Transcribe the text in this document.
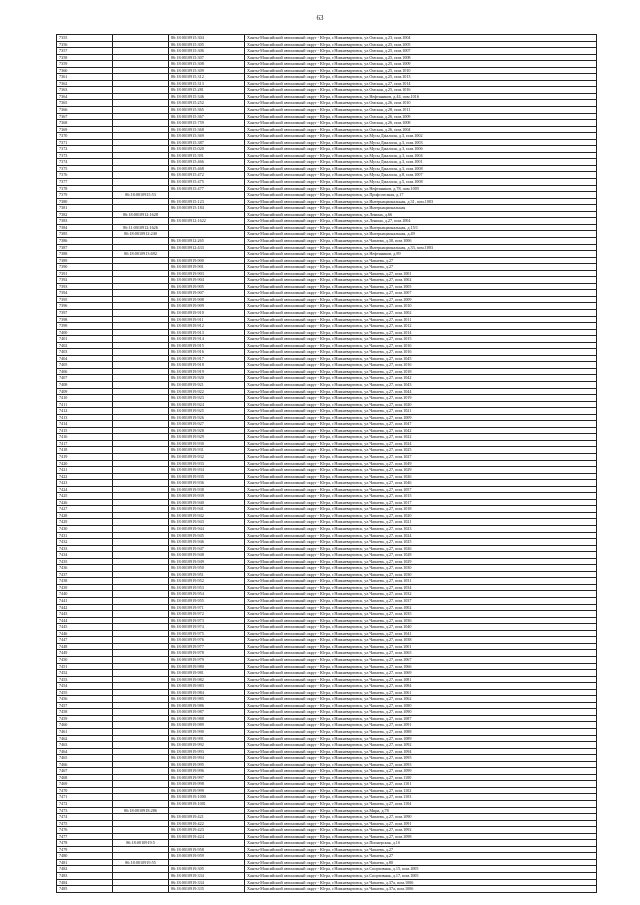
63
7355		86:18:0010915:304	Ханты-Мансийский автономный округ - Югра, г.Нижневартовск, ул.Омская, д.23, пом.1004
7356		86:18:0010915:305	Ханты-Мансийский автономный округ - Югра, г.Нижневартовск, ул.Омская, д.25, пом.1005
7357		86:18:0010915:306	Ханты-Мансийский автономный округ - Югра, г.Нижневартовск, ул.Омская, д.25, пом.1007
7358		86:18:0010915:307	Ханты-Мансийский автономный округ - Югра, г.Нижневартовск, ул.Омская, д.25, пом.1008
7359		86:18:0010915:308	Ханты-Мансийский автономный округ - Югра, г.Нижневартовск, ул.Омская, д.25, пом.1009
7360		86:18:0010915:309	Ханты-Мансийский автономный округ - Югра, г.Нижневартовск, ул.Омская, д.25, пом.1010
7361		86:18:0010915:312	Ханты-Мансийский автономный округ - Югра, г.Нижневартовск, ул.Омская, д.25, пом.1013
7362		86:18:0010915:313	Ханты-Мансийский автономный округ - Югра, г.Нижневартовск, ул.Омская, д.27, пом.1014
7363		86:18:0010915:281	Ханты-Мансийский автономный округ - Югра, г.Нижневартовск, ул.Омская, д.25, пом.1016
7364		86:18:0010915:346	Ханты-Мансийский автономный округ - Югра, г.Нижневартовск, ул.Нефтяников, д.44, пом.1016
7365		86:18:0010915:252	Ханты-Мансийский автономный округ - Югра, г.Нижневартовск, ул.Омская, д.26, пом.1010
7366		86:18:0010915:365	Ханты-Мансийский автономный округ - Югра, г.Нижневартовск, ул.Омская, д.28, пом.1011
7367		86:18:0010915:367	Ханты-Мансийский автономный округ - Югра, г.Нижневартовск, ул.Омская, д.26, пом.1009
7368		86:18:0010915:759	Ханты-Мансийский автономный округ - Югра, г.Нижневартовск, ул.Омская, д.26, пом.1008
7369		86:18:0010915:368	Ханты-Мансийский автономный округ - Югра, г.Нижневартовск, ул.Омская, д.26, пом.1004
7370		86:18:0010915:369	Ханты-Мансийский автономный округ - Югра, г.Нижневартовск, ул.Мусы Джалиля, д.3, пом.1002
7371		86:18:0010915:387	Ханты-Мансийский автономный округ - Югра, г.Нижневартовск, ул.Мусы Джалиля, д.3, пом.1003
7372		86:18:0010915:020	Ханты-Мансийский автономный округ - Югра, г.Нижневартовск, ул.Мусы Джалиля, д.3, пом.1006
7373		86:18:0010915:391	Ханты-Мансийский автономный округ - Югра, г.Нижневартовск, ул.Мусы Джалиля, д.3, пом.1004
7374		86:18:0010915:466	Ханты-Мансийский автономный округ - Югра, г.Нижневартовск, ул.Мусы Джалиля, д.3, пом.1001
7375		86:18:0010915:468	Ханты-Мансийский автономный округ - Югра, г.Нижневартовск, ул.Мусы Джалиля, д.3, пом.1008
7376		86:18:0010915:472	Ханты-Мансийский автономный округ - Югра, г.Нижневартовск, ул.Мусы Джалиля, д.8, пом.1007
7377		86:18:0010915:475	Ханты-Мансийский автономный округ - Югра, г.Нижневартовск, ул.Мусы Джалиля, д.5, пом.1008
7378		86:18:0010915:477	Ханты-Мансийский автономный округ - Югра, г.Нижневартовск, ул.Нефтяников, д.78, пом.1005
7379	86:18:0010915:53		Ханты-Мансийский автономный округ - Югра, г.Нижневартовск, ул.Профсоюзная, д.17
7380		86:18:0010915:123	Ханты-Мансийский автономный округ - Югра, г.Нижневартовск, ул.Интернациональная, д.31, пом.1003
7381		86:18:0010915:184	Ханты-Мансийский автономный округ - Югра, г.Нижневартовск, ул.Интернациональная
7382	86:18:0010912:1628		Ханты-Мансийский автономный округ - Югра, г.Нижневартовск, ул.Ленина, д.66
7383		86:18:0010912:1622	Ханты-Мансийский автономный округ - Югра, г.Нижневартовск, ул.Ленина, д.27, пом.1004
7384	86:11:0010912:1626		Ханты-Мансийский автономный округ - Югра, г.Нижневартовск, ул.Интернациональная, д.15/1
7385	86:18:0010912:240		Ханты-Мансийский автономный округ - Югра, г.Нижневартовск, ул.Интернациональная, д.49
7386		86:18:0010912:265	Ханты-Мансийский автономный округ - Югра, г.Нижневартовск, ул.Чапаева, д.30, пом.1006
7387		86:18:0010912:433	Ханты-Мансийский автономный округ - Югра, г.Нижневартовск, ул.Интернациональная, д.33, пом.1003
7388	86:18:0010913:692		Ханты-Мансийский автономный округ - Югра, г.Нижневартовск, ул.Нефтяников, д.89
7389		86:18:0010919:900	Ханты-Мансийский автономный округ - Югра, г.Нижневартовск, ул.Чапаева, д.27
7390		86:18:0010919:901	Ханты-Мансийский автономный округ - Югра, г.Нижневартовск, ул.Чапаева, д.27
7391		86:18:0010919:903	Ханты-Мансийский автономный округ - Югра, г.Нижневартовск, ул.Чапаева, д.27, пом.1001
7392		86:18:0010919:904	Ханты-Мансийский автономный округ - Югра, г.Нижневартовск, ул.Чапаева, д.27, пом.1002
7393		86:18:0010919:905	Ханты-Мансийский автономный округ - Югра, г.Нижневартовск, ул.Чапаева, д.27, пом.1005
7394		86:18:0010919:907	Ханты-Мансийский автономный округ - Югра, г.Нижневартовск, ул.Чапаева, д.27, пом.1007
7395		86:18:0010919:908	Ханты-Мансийский автономный округ - Югра, г.Нижневартовск, ул.Чапаева, д.27, пом.1009
7396		86:18:0010919:909	Ханты-Мансийский автономный округ - Югра, г.Нижневартовск, ул.Чапаева, д.27, пом.1010
7397		86:18:0010919:910	Ханты-Мансийский автономный округ - Югра, г.Нижневартовск, ул.Чапаева, д.27, пом.1002
7398		86:18:0010919:911	Ханты-Мансийский автономный округ - Югра, г.Нижневартовск, ул.Чапаева, д.27, пом.1011
7399		86:18:0010919:912	Ханты-Мансийский автономный округ - Югра, г.Нижневартовск, ул.Чапаева, д.27, пом.1012
7400		86:18:0010919:913	Ханты-Мансийский автономный округ - Югра, г.Нижневартовск, ул.Чапаева, д.27, пом.1014
7401		86:18:0010919:914	Ханты-Мансийский автономный округ - Югра, г.Нижневартовск, ул.Чапаева, д.27, пом.1015
7402		86:18:0010919:915	Ханты-Мансийский автономный округ - Югра, г.Нижневартовск, ул.Чапаева, д.27, пом.1016
7403		86:18:0010919:916	Ханты-Мансийский автономный округ - Югра, г.Нижневартовск, ул.Чапаева, д.27, пом.1016
7404		86:18:0010919:917	Ханты-Мансийский автономный округ - Югра, г.Нижневартовск, ул.Чапаева, д.27, пом.1045
7405		86:18:0010919:918	Ханты-Мансийский автономный округ - Югра, г.Нижневартовск, ул.Чапаева, д.27, пом.1016
7406		86:18:0010919:919	Ханты-Мансийский автономный округ - Югра, г.Нижневартовск, ул.Чапаева, д.27, пом.1018
7407		86:18:0010919:920	Ханты-Мансийский автономный округ - Югра, г.Нижневартовск, ул.Чапаева, д.27, пом.1042
7408		86:18:0010919:921	Ханты-Мансийский автономный округ - Югра, г.Нижневартовск, ул.Чапаева, д.27, пом.1043
7409		86:18:0010919:922	Ханты-Мансийский автономный округ - Югра, г.Нижневартовск, ул.Чапаева, д.27, пом.1044
7410		86:18:0010919:923	Ханты-Мансийский автономный округ - Югра, г.Нижневартовск, ул.Чапаева, д.27, пом.1019
7411		86:18:0010919:924	Ханты-Мансийский автономный округ - Югра, г.Нижневартовск, ул.Чапаева, д.27, пом.1020
7412		86:18:0010919:925	Ханты-Мансийский автономный округ - Югра, г.Нижневартовск, ул.Чапаева, д.27, пом.1021
7413		86:18:0010919:926	Ханты-Мансийский автономный округ - Югра, г.Нижневартовск, ул.Чапаева, д.27, пом.1009
7414		86:18:0010919:927	Ханты-Мансийский автономный округ - Югра, г.Нижневартовск, ул.Чапаева, д.27, пом.1047
7415		86:18:0010919:928	Ханты-Мансийский автономный округ - Югра, г.Нижневартовск, ул.Чапаева, д.27, пом.1042
7416		86:18:0010919:929	Ханты-Мансийский автономный округ - Югра, г.Нижневартовск, ул.Чапаева, д.27, пом.1022
7417		86:18:0010919:930	Ханты-Мансийский автономный округ - Югра, г.Нижневартовск, ул.Чапаева, д.27, пом.1024
7418		86:18:0010919:931	Ханты-Мансийский автономный округ - Югра, г.Нижневартовск, ул.Чапаева, д.27, пом.1025
7419		86:18:0010919:932	Ханты-Мансийский автономный округ - Югра, г.Нижневартовск, ул.Чапаева, д.27, пом.1027
7420		86:18:0010919:933	Ханты-Мансийский автономный округ - Югра, г.Нижневартовск, ул.Чапаева, д.27, пом.1049
7421		86:18:0010919:934	Ханты-Мансийский автономный округ - Югра, г.Нижневартовск, ул.Чапаева, д.27, пом.1029
7422		86:18:0010919:935	Ханты-Мансийский автономный округ - Югра, г.Нижневартовск, ул.Чапаева, д.27, пом.1026
7423		86:18:0010919:936	Ханты-Мансийский автономный округ - Югра, г.Нижневартовск, ул.Чапаева, д.27, пом.1046
7424		86:18:0010919:938	Ханты-Мансийский автономный округ - Югра, г.Нижневартовск, ул.Чапаева, д.27, пом.1057
7425		86:18:0010919:939	Ханты-Мансийский автономный округ - Югра, г.Нижневартовск, ул.Чапаева, д.27, пом.1015
7426		86:18:0010919:940	Ханты-Мансийский автономный округ - Югра, г.Нижневартовск, ул.Чапаева, д.27, пом.1017
7427		86:18:0010919:941	Ханты-Мансийский автономный округ - Югра, г.Нижневартовск, ул.Чапаева, д.27, пом.1018
7428		86:18:0010919:942	Ханты-Мансийский автономный округ - Югра, г.Нижневартовск, ул.Чапаева, д.27, пом.1020
7429		86:18:0010919:943	Ханты-Мансийский автономный округ - Югра, г.Нижневартовск, ул.Чапаева, д.27, пом.1021
7430		86:18:0010919:944	Ханты-Мансийский автономный округ - Югра, г.Нижневартовск, ул.Чапаева, д.27, пом.1023
7431		86:18:0010919:945	Ханты-Мансийский автономный округ - Югра, г.Нижневартовск, ул.Чапаева, д.27, пом.1024
7432		86:18:0010919:946	Ханты-Мансийский автономный округ - Югра, г.Нижневартовск, ул.Чапаева, д.27, пом.1025
7433		86:18:0010919:947	Ханты-Мансийский автономный округ - Югра, г.Нижневартовск, ул.Чапаева, д.27, пом.1026
7434		86:18:0010919:948	Ханты-Мансийский автономный округ - Югра, г.Нижневартовск, ул.Чапаева, д.27, пом.1028
7435		86:18:0010919:949	Ханты-Мансийский автономный округ - Югра, г.Нижневартовск, ул.Чапаева, д.27, пом.1029
7436		86:18:0010919:950	Ханты-Мансийский автономный округ - Югра, г.Нижневартовск, ул.Чапаева, д.27, пом.1030
7437		86:18:0010919:951	Ханты-Мансийский автономный округ - Югра, г.Нижневартовск, ул.Чапаева, д.27, пом.1030
7438		86:18:0010919:952	Ханты-Мансийский автономный округ - Югра, г.Нижневартовск, ул.Чапаева, д.27, пом.1031
7439		86:18:0010919:953	Ханты-Мансийский автономный округ - Югра, г.Нижневартовск, ул.Чапаева, д.27, пом.1034
7440		86:18:0010919:954	Ханты-Мансийский автономный округ - Югра, г.Нижневартовск, ул.Чапаева, д.27, пом.1032
7441		86:18:0010919:955	Ханты-Мансийский автономный округ - Югра, г.Нижневартовск, ул.Чапаева, д.27, пом.1037
7442		86:18:0010919:971	Ханты-Мансийский автономный округ - Югра, г.Нижневартовск, ул.Чапаева, д.27, пом.1002
7443		86:18:0010919:972	Ханты-Мансийский автономный округ - Югра, г.Нижневартовск, ул.Чапаева, д.27, пом.1035
7444		86:18:0010919:973	Ханты-Мансийский автономный округ - Югра, г.Нижневартовск, ул.Чапаева, д.27, пом.1036
7445		86:18:0010919:974	Ханты-Мансийский автономный округ - Югра, г.Нижневартовск, ул.Чапаева, д.27, пом.1040
7446		86:18:0010919:975	Ханты-Мансийский автономный округ - Югра, г.Нижневартовск, ул.Чапаева, д.27, пом.1041
7447		86:18:0010919:976	Ханты-Мансийский автономный округ - Югра, г.Нижневартовск, ул.Чапаева, д.27, пом.1038
7448		86:18:0010919:977	Ханты-Мансийский автономный округ - Югра, г.Нижневартовск, ул.Чапаева, д.27, пом.1001
7449		86:18:0010919:978	Ханты-Мансийский автономный округ - Югра, г.Нижневартовск, ул.Чапаева, д.27, пом.1065
7450		86:18:0010919:979	Ханты-Мансийский автономный округ - Югра, г.Нижневартовск, ул.Чапаева, д.27, пом.1067
7451		86:18:0010919:980	Ханты-Мансийский автономный округ - Югра, г.Нижневартовск, ул.Чапаева, д.27, пом.1066
7452		86:18:0010919:981	Ханты-Мансийский автономный округ - Югра, г.Нижневартовск, ул.Чапаева, д.27, пом.1069
7453		86:18:0010919:982	Ханты-Мансийский автономный округ - Югра, г.Нижневартовск, ул.Чапаева, д.27, пом.1081
7454		86:18:0010919:983	Ханты-Мансийский автономный округ - Югра, г.Нижневартовск, ул.Чапаева, д.27, пом.1084
7455		86:18:0010919:984	Ханты-Мансийский автономный округ - Югра, г.Нижневартовск, ул.Чапаева, д.27, пом.1061
7456		86:18:0010919:985	Ханты-Мансийский автономный округ - Югра, г.Нижневартовск, ул.Чапаева, д.27, пом.1062
7457		86:18:0010919:986	Ханты-Мансийский автономный округ - Югра, г.Нижневартовск, ул.Чапаева, д.27, пом.1080
7458		86:18:0010919:987	Ханты-Мансийский автономный округ - Югра, г.Нижневартовск, ул.Чапаева, д.27, пом.1090
7459		86:18:0010919:988	Ханты-Мансийский автономный округ - Югра, г.Нижневартовск, ул.Чапаева, д.27, пом.1087
7460		86:18:0010919:989	Ханты-Мансийский автономный округ - Югра, г.Нижневартовск, ул.Чапаева, д.27, пом.1091
7461		86:18:0010919:990	Ханты-Мансийский автономный округ - Югра, г.Нижневартовск, ул.Чапаева, д.27, пом.1088
7462		86:18:0010919:991	Ханты-Мансийский автономный округ - Югра, г.Нижневартовск, ул.Чапаева, д.27, пом.1089
7463		86:18:0010919:992	Ханты-Мансийский автономный округ - Югра, г.Нижневартовск, ул.Чапаева, д.27, пом.1092
7464		86:18:0010919:993	Ханты-Мансийский автономный округ - Югра, г.Нижневартовск, ул.Чапаева, д.27, пом.1094
7465		86:18:0010919:994	Ханты-Мансийский автономный округ - Югра, г.Нижневартовск, ул.Чапаева, д.27, пом.1095
7466		86:18:0010919:995	Ханты-Мансийский автономный округ - Югра, г.Нижневартовск, ул.Чапаева, д.27, пом.1093
7467		86:18:0010919:996	Ханты-Мансийский автономный округ - Югра, г.Нижневартовск, ул.Чапаева, д.27, пом.1099
7468		86:18:0010919:997	Ханты-Мансийский автономный округ - Югра, г.Нижневартовск, ул.Чапаева, д.27, пом.1100
7469		86:18:0010919:998	Ханты-Мансийский автономный округ - Югра, г.Нижневартовск, ул.Чапаева, д.27, пом.1101
7470		86:18:0010919:999	Ханты-Мансийский автономный округ - Югра, г.Нижневартовск, ул.Чапаева, д.27, пом.1102
7471		86:18:0010919:1000	Ханты-Мансийский автономный округ - Югра, г.Нижневартовск, ул.Чапаева, д.27, пом.1103
7472		86:18:0010919:1001	Ханты-Мансийский автономный округ - Югра, г.Нижневартовск, ул.Чапаева, д.27, пом.1104
7473	86:18:0010918:286		Ханты-Мансийский автономный округ - Югра, г.Нижневартовск, ул.Мира, д.78
7474		86:18:0010919:421	Ханты-Мансийский автономный округ - Югра, г.Нижневартовск, ул.Чапаева, д.27, пом.1090
7475		86:18:0010919:422	Ханты-Мансийский автономный округ - Югра, г.Нижневартовск, ул.Чапаева, д.27, пом.1091
7476		86:18:0010919:423	Ханты-Мансийский автономный округ - Югра, г.Нижневартовск, ул.Чапаева, д.27, пом.1092
7477		86:18:0010919:424	Ханты-Мансийский автономный округ - Югра, г.Нижневартовск, ул.Чапаева, д.27, пом.1098
7478	86:18:0010919:5		Ханты-Мансийский автономный округ - Югра, г.Нижневартовск, ул.Пионерская, д.1б
7479		86:18:0010919:958	Ханты-Мансийский автономный округ - Югра, г.Нижневартовск, ул.Чапаева, д.27
7480		86:18:0010919:959	Ханты-Мансийский автономный округ - Югра, г.Нижневартовск, ул.Чапаева, д.27
7481	86:18:0010919:55		Ханты-Мансийский автономный округ - Югра, г.Нижневартовск, ул.Чапаева, д.80
7482		86:18:0010919:305	Ханты-Мансийский автономный округ - Югра, г.Нижневартовск, ул.Спортивная, д.15, пом.1005
7483		86:18:0010919:334	Ханты-Мансийский автономный округ - Югра, г.Нижневартовск, ул.Спортивная, д.17, пом.1005
7484		86:18:0010919:334	Ханты-Мансийский автономный округ - Югра, г.Нижневартовск, ул.Чапаева, д.37а, пом.1006
7485		86:18:0010919:335	Ханты-Мансийский автономный округ - Югра, г.Нижневартовск, ул.Чапаева, д.37а, пом.1006
